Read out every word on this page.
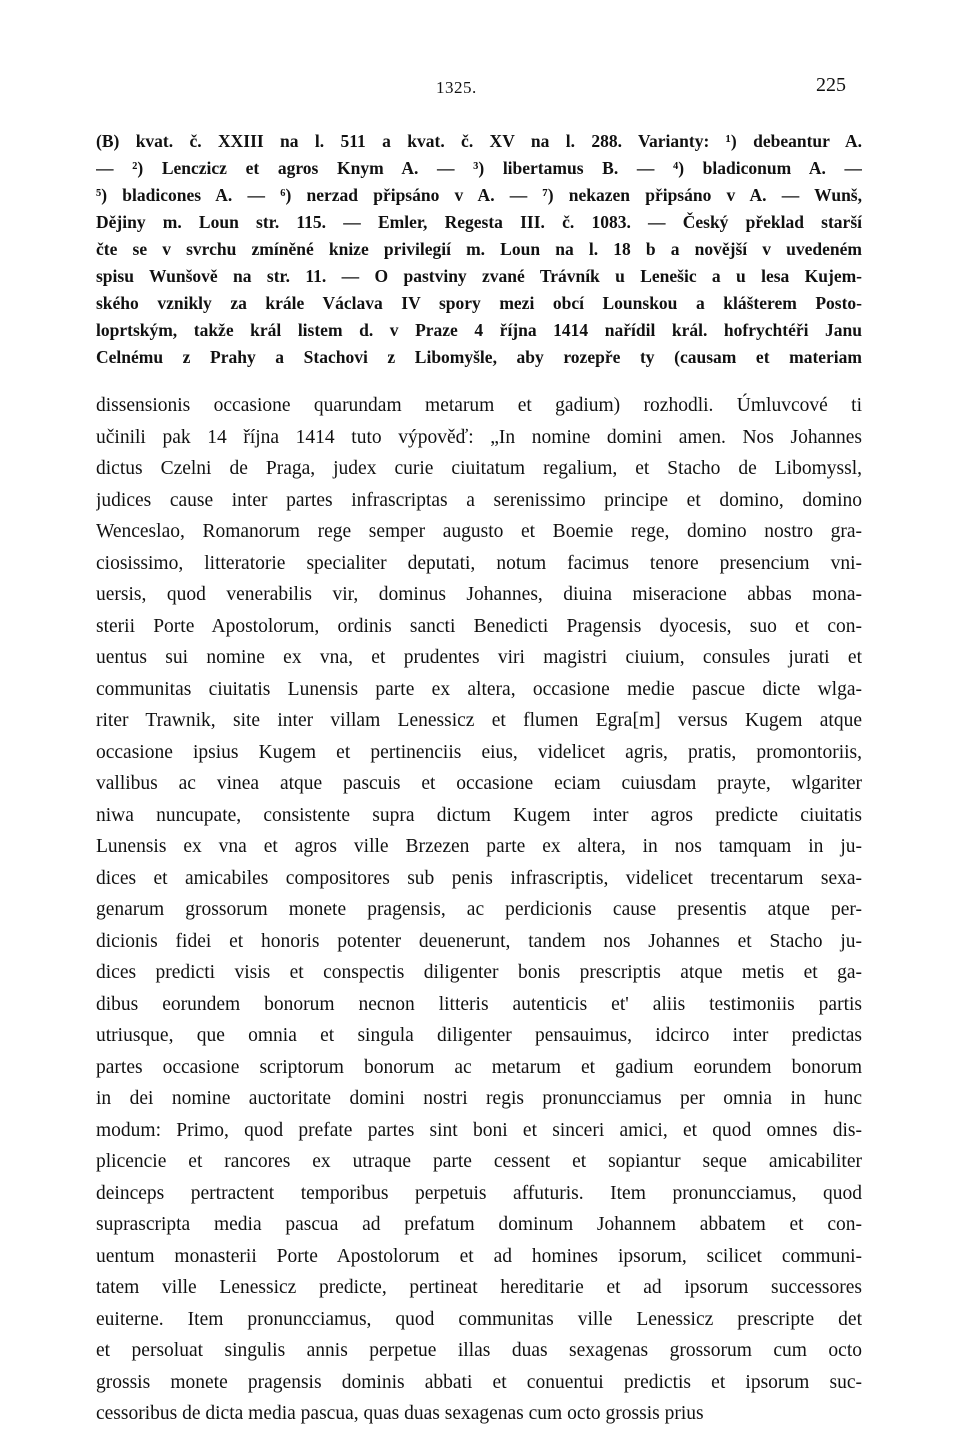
1325.	225
(B) kvat. č. XXIII na l. 511 a kvat. č. XV na l. 288. Varianty: ¹) debeantur A.
— ²) Lenczicz et agros Knym A. — ³) libertamus B. — ⁴) bladiconum A. —
⁵) bladicones A. — ⁶) nerzad připsáno v A. — ⁷) nekazen připsáno v A. — Wunš,
Dějiny m. Loun str. 115. — Emler, Regesta III. č. 1083. — Český překlad starší
čte se v svrchu zmíněné knize privilegií m. Loun na l. 18 b a novější v uvedeném
spisu Wunšově na str. 11. — O pastviny zvané Trávník u Lenešic a u lesa Kujem-
ského vznikly za krále Václava IV spory mezi obcí Lounskou a klášterem Posto-
loprtským, takže král listem d. v Praze 4 října 1414 nařídil král. hofrychtéři Janu
Celnému z Prahy a Stachovi z Libomyšle, aby rozepře ty (causam et materiam
dissensionis occasione quarundam metarum et gadium) rozhodli. Úmluvcové ti
učinili pak 14 října 1414 tuto výpověď: „In nomine domini amen. Nos Johannes
dictus Czelni de Praga, judex curie ciuitatum regalium, et Stacho de Libomyssl,
judices cause inter partes infrascriptas a serenissimo principe et domino, domino
Wenceslao, Romanorum rege semper augusto et Boemie rege, domino nostro gra-
ciosissimo, litteratorie specialiter deputati, notum facimus tenore presencium vni-
uersis, quod venerabilis vir, dominus Johannes, diuina miseracione abbas mona-
sterii Porte Apostolorum, ordinis sancti Benedicti Pragensis dyocesis, suo et con-
uentus sui nomine ex vna, et prudentes viri magistri ciuium, consules jurati et
communitas ciuitatis Lunensis parte ex altera, occasione medie pascue dicte wlga-
riter Trawnik, site inter villam Lenessicz et flumen Egra[m] versus Kugem atque
occasione ipsius Kugem et pertinenciis eius, videlicet agris, pratis, promontoriis,
vallibus ac vinea atque pascuis et occasione eciam cuiusdam prayte, wlgariter
niwa nuncupate, consistente supra dictum Kugem inter agros predicte ciuitatis
Lunensis ex vna et agros ville Brzezen parte ex altera, in nos tamquam in ju-
dices et amicabiles compositores sub penis infrascriptis, videlicet trecentarum sexa-
genarum grossorum monete pragensis, ac perdicionis cause presentis atque per-
dicionis fidei et honoris potenter deuenerunt, tandem nos Johannes et Stacho ju-
dices predicti visis et conspectis diligenter bonis prescriptis atque metis et ga-
dibus eorundem bonorum necnon litteris autenticis et' aliis testimoniis partis
utriusque, que omnia et singula diligenter pensauimus, idcirco inter predictas
partes occasione scriptorum bonorum ac metarum et gadium eorundem bonorum
in dei nomine auctoritate domini nostri regis pronuncciamus per omnia in hunc
modum: Primo, quod prefate partes sint boni et sinceri amici, et quod omnes dis-
plicencie et rancores ex utraque parte cessent et sopiantur seque amicabiliter
deinceps pertractent temporibus perpetuis affuturis. Item pronuncciamus, quod
suprascripta media pascua ad prefatum dominum Johannem abbatem et con-
uentum monasterii Porte Apostolorum et ad homines ipsorum, scilicet communi-
tatem ville Lenessicz predicte, pertineat hereditarie et ad ipsorum successores
euiterne. Item pronuncciamus, quod communitas ville Lenessicz prescripte det
et persoluat singulis annis perpetue illas duas sexagenas grossorum cum octo
grossis monete pragensis dominis abbati et conuentui predictis et ipsorum suc-
cessoribus de dicta media pascua, quas duas sexagenas cum octo grossis prius
